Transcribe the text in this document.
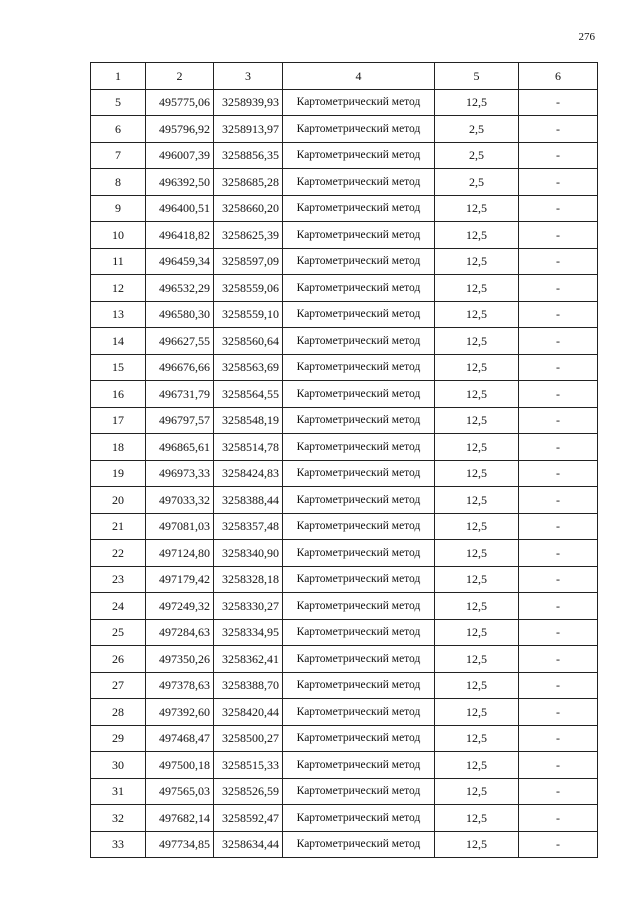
276
1	2	3	4	5	6
5	495775,06	3258939,93	Картометрический метод	12,5	-
6	495796,92	3258913,97	Картометрический метод	2,5	-
7	496007,39	3258856,35	Картометрический метод	2,5	-
8	496392,50	3258685,28	Картометрический метод	2,5	-
9	496400,51	3258660,20	Картометрический метод	12,5	-
10	496418,82	3258625,39	Картометрический метод	12,5	-
11	496459,34	3258597,09	Картометрический метод	12,5	-
12	496532,29	3258559,06	Картометрический метод	12,5	-
13	496580,30	3258559,10	Картометрический метод	12,5	-
14	496627,55	3258560,64	Картометрический метод	12,5	-
15	496676,66	3258563,69	Картометрический метод	12,5	-
16	496731,79	3258564,55	Картометрический метод	12,5	-
17	496797,57	3258548,19	Картометрический метод	12,5	-
18	496865,61	3258514,78	Картометрический метод	12,5	-
19	496973,33	3258424,83	Картометрический метод	12,5	-
20	497033,32	3258388,44	Картометрический метод	12,5	-
21	497081,03	3258357,48	Картометрический метод	12,5	-
22	497124,80	3258340,90	Картометрический метод	12,5	-
23	497179,42	3258328,18	Картометрический метод	12,5	-
24	497249,32	3258330,27	Картометрический метод	12,5	-
25	497284,63	3258334,95	Картометрический метод	12,5	-
26	497350,26	3258362,41	Картометрический метод	12,5	-
27	497378,63	3258388,70	Картометрический метод	12,5	-
28	497392,60	3258420,44	Картометрический метод	12,5	-
29	497468,47	3258500,27	Картометрический метод	12,5	-
30	497500,18	3258515,33	Картометрический метод	12,5	-
31	497565,03	3258526,59	Картометрический метод	12,5	-
32	497682,14	3258592,47	Картометрический метод	12,5	-
33	497734,85	3258634,44	Картометрический метод	12,5	-
